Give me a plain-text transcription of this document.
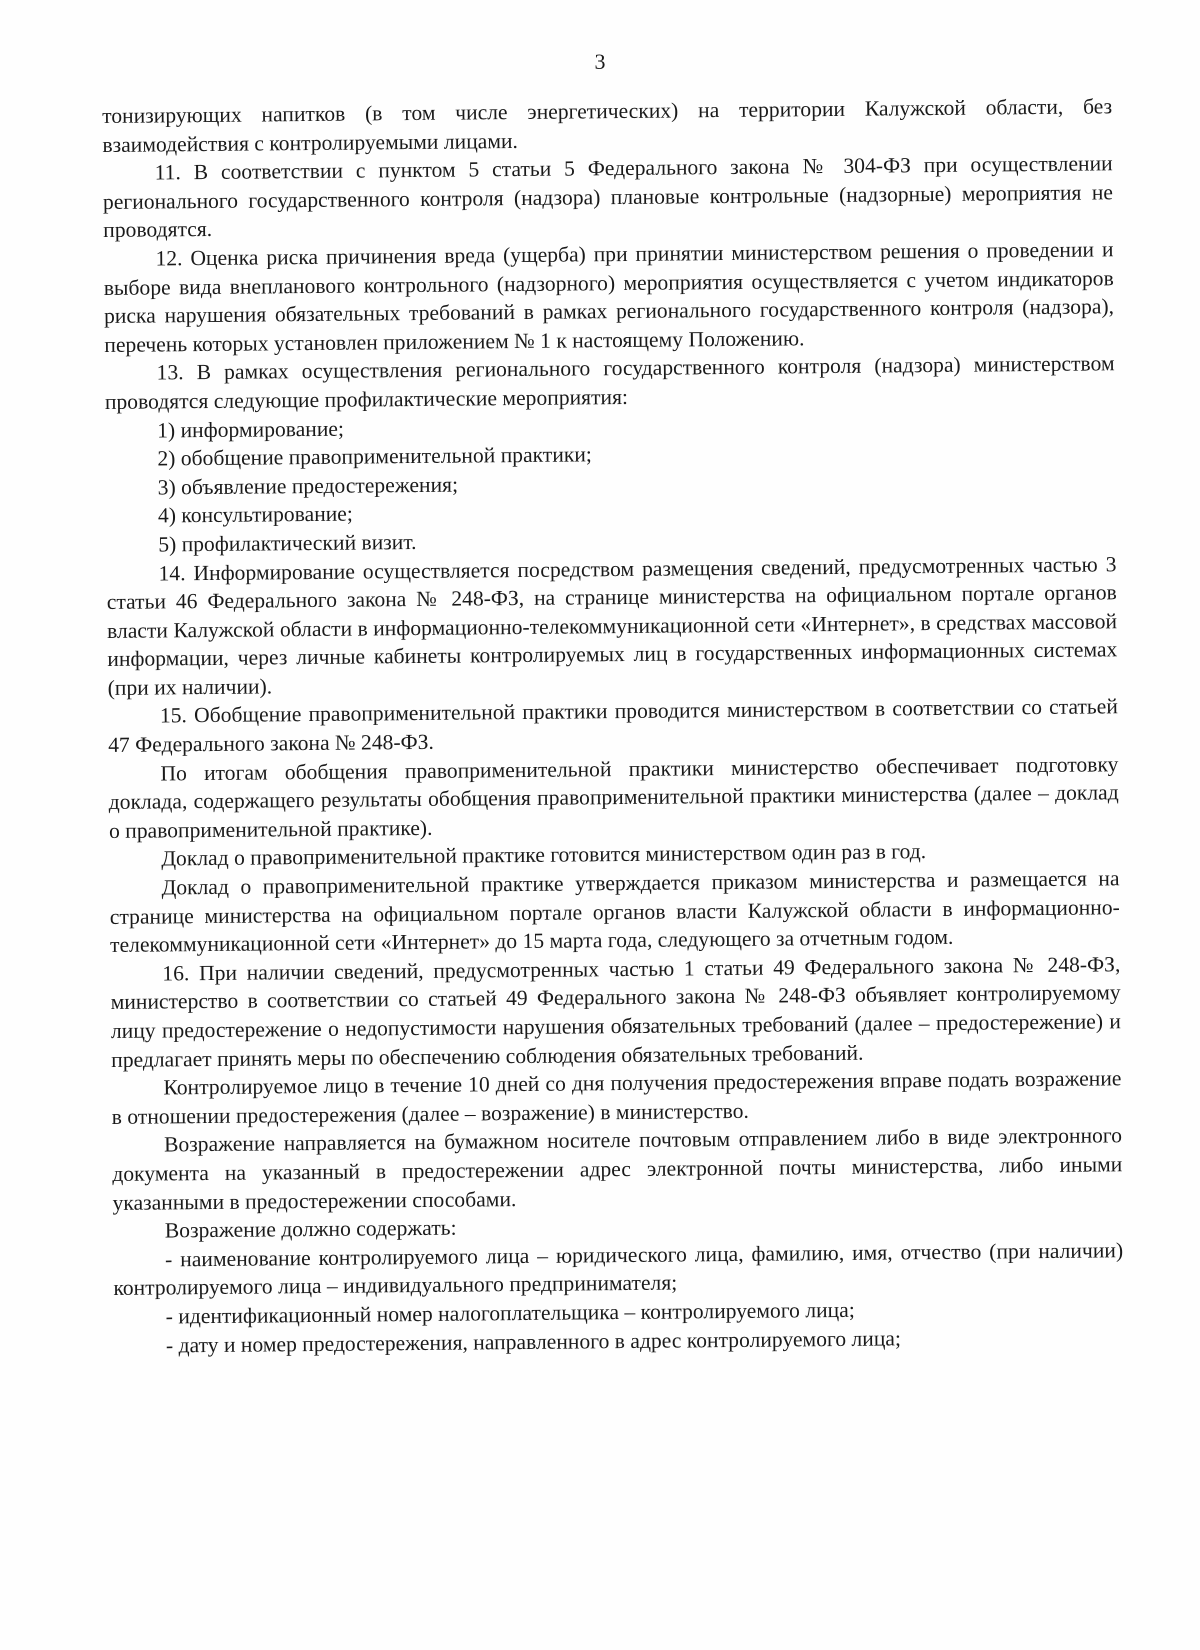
3

тонизирующих напитков (в том числе энергетических) на территории Калужской области, без взаимодействия с контролируемыми лицами.

11. В соответствии с пунктом 5 статьи 5 Федерального закона № 304-ФЗ при осуществлении регионального государственного контроля (надзора) плановые контрольные (надзорные) мероприятия не проводятся.

12. Оценка риска причинения вреда (ущерба) при принятии министерством решения о проведении и выборе вида внепланового контрольного (надзорного) мероприятия осуществляется с учетом индикаторов риска нарушения обязательных требований в рамках регионального государственного контроля (надзора), перечень которых установлен приложением № 1 к настоящему Положению.

13. В рамках осуществления регионального государственного контроля (надзора) министерством проводятся следующие профилактические мероприятия:

1) информирование;

2) обобщение правоприменительной практики;

3) объявление предостережения;

4) консультирование;

5) профилактический визит.

14. Информирование осуществляется посредством размещения сведений, предусмотренных частью 3 статьи 46 Федерального закона № 248-ФЗ, на странице министерства на официальном портале органов власти Калужской области в информационно-телекоммуникационной сети «Интернет», в средствах массовой информации, через личные кабинеты контролируемых лиц в государственных информационных системах (при их наличии).

15. Обобщение правоприменительной практики проводится министерством в соответствии со статьей 47 Федерального закона № 248-ФЗ.

По итогам обобщения правоприменительной практики министерство обеспечивает подготовку доклада, содержащего результаты обобщения правоприменительной практики министерства (далее – доклад о правоприменительной практике).

Доклад о правоприменительной практике готовится министерством один раз в год.

Доклад о правоприменительной практике утверждается приказом министерства и размещается на странице министерства на официальном портале органов власти Калужской области в информационно-телекоммуникационной сети «Интернет» до 15 марта года, следующего за отчетным годом.

16. При наличии сведений, предусмотренных частью 1 статьи 49 Федерального закона № 248-ФЗ, министерство в соответствии со статьей 49 Федерального закона № 248-ФЗ объявляет контролируемому лицу предостережение о недопустимости нарушения обязательных требований (далее – предостережение) и предлагает принять меры по обеспечению соблюдения обязательных требований.

Контролируемое лицо в течение 10 дней со дня получения предостережения вправе подать возражение в отношении предостережения (далее – возражение) в министерство.

Возражение направляется на бумажном носителе почтовым отправлением либо в виде электронного документа на указанный в предостережении адрес электронной почты министерства, либо иными указанными в предостережении способами.

Возражение должно содержать:

- наименование контролируемого лица – юридического лица, фамилию, имя, отчество (при наличии) контролируемого лица – индивидуального предпринимателя;

- идентификационный номер налогоплательщика – контролируемого лица;

- дату и номер предостережения, направленного в адрес контролируемого лица;
